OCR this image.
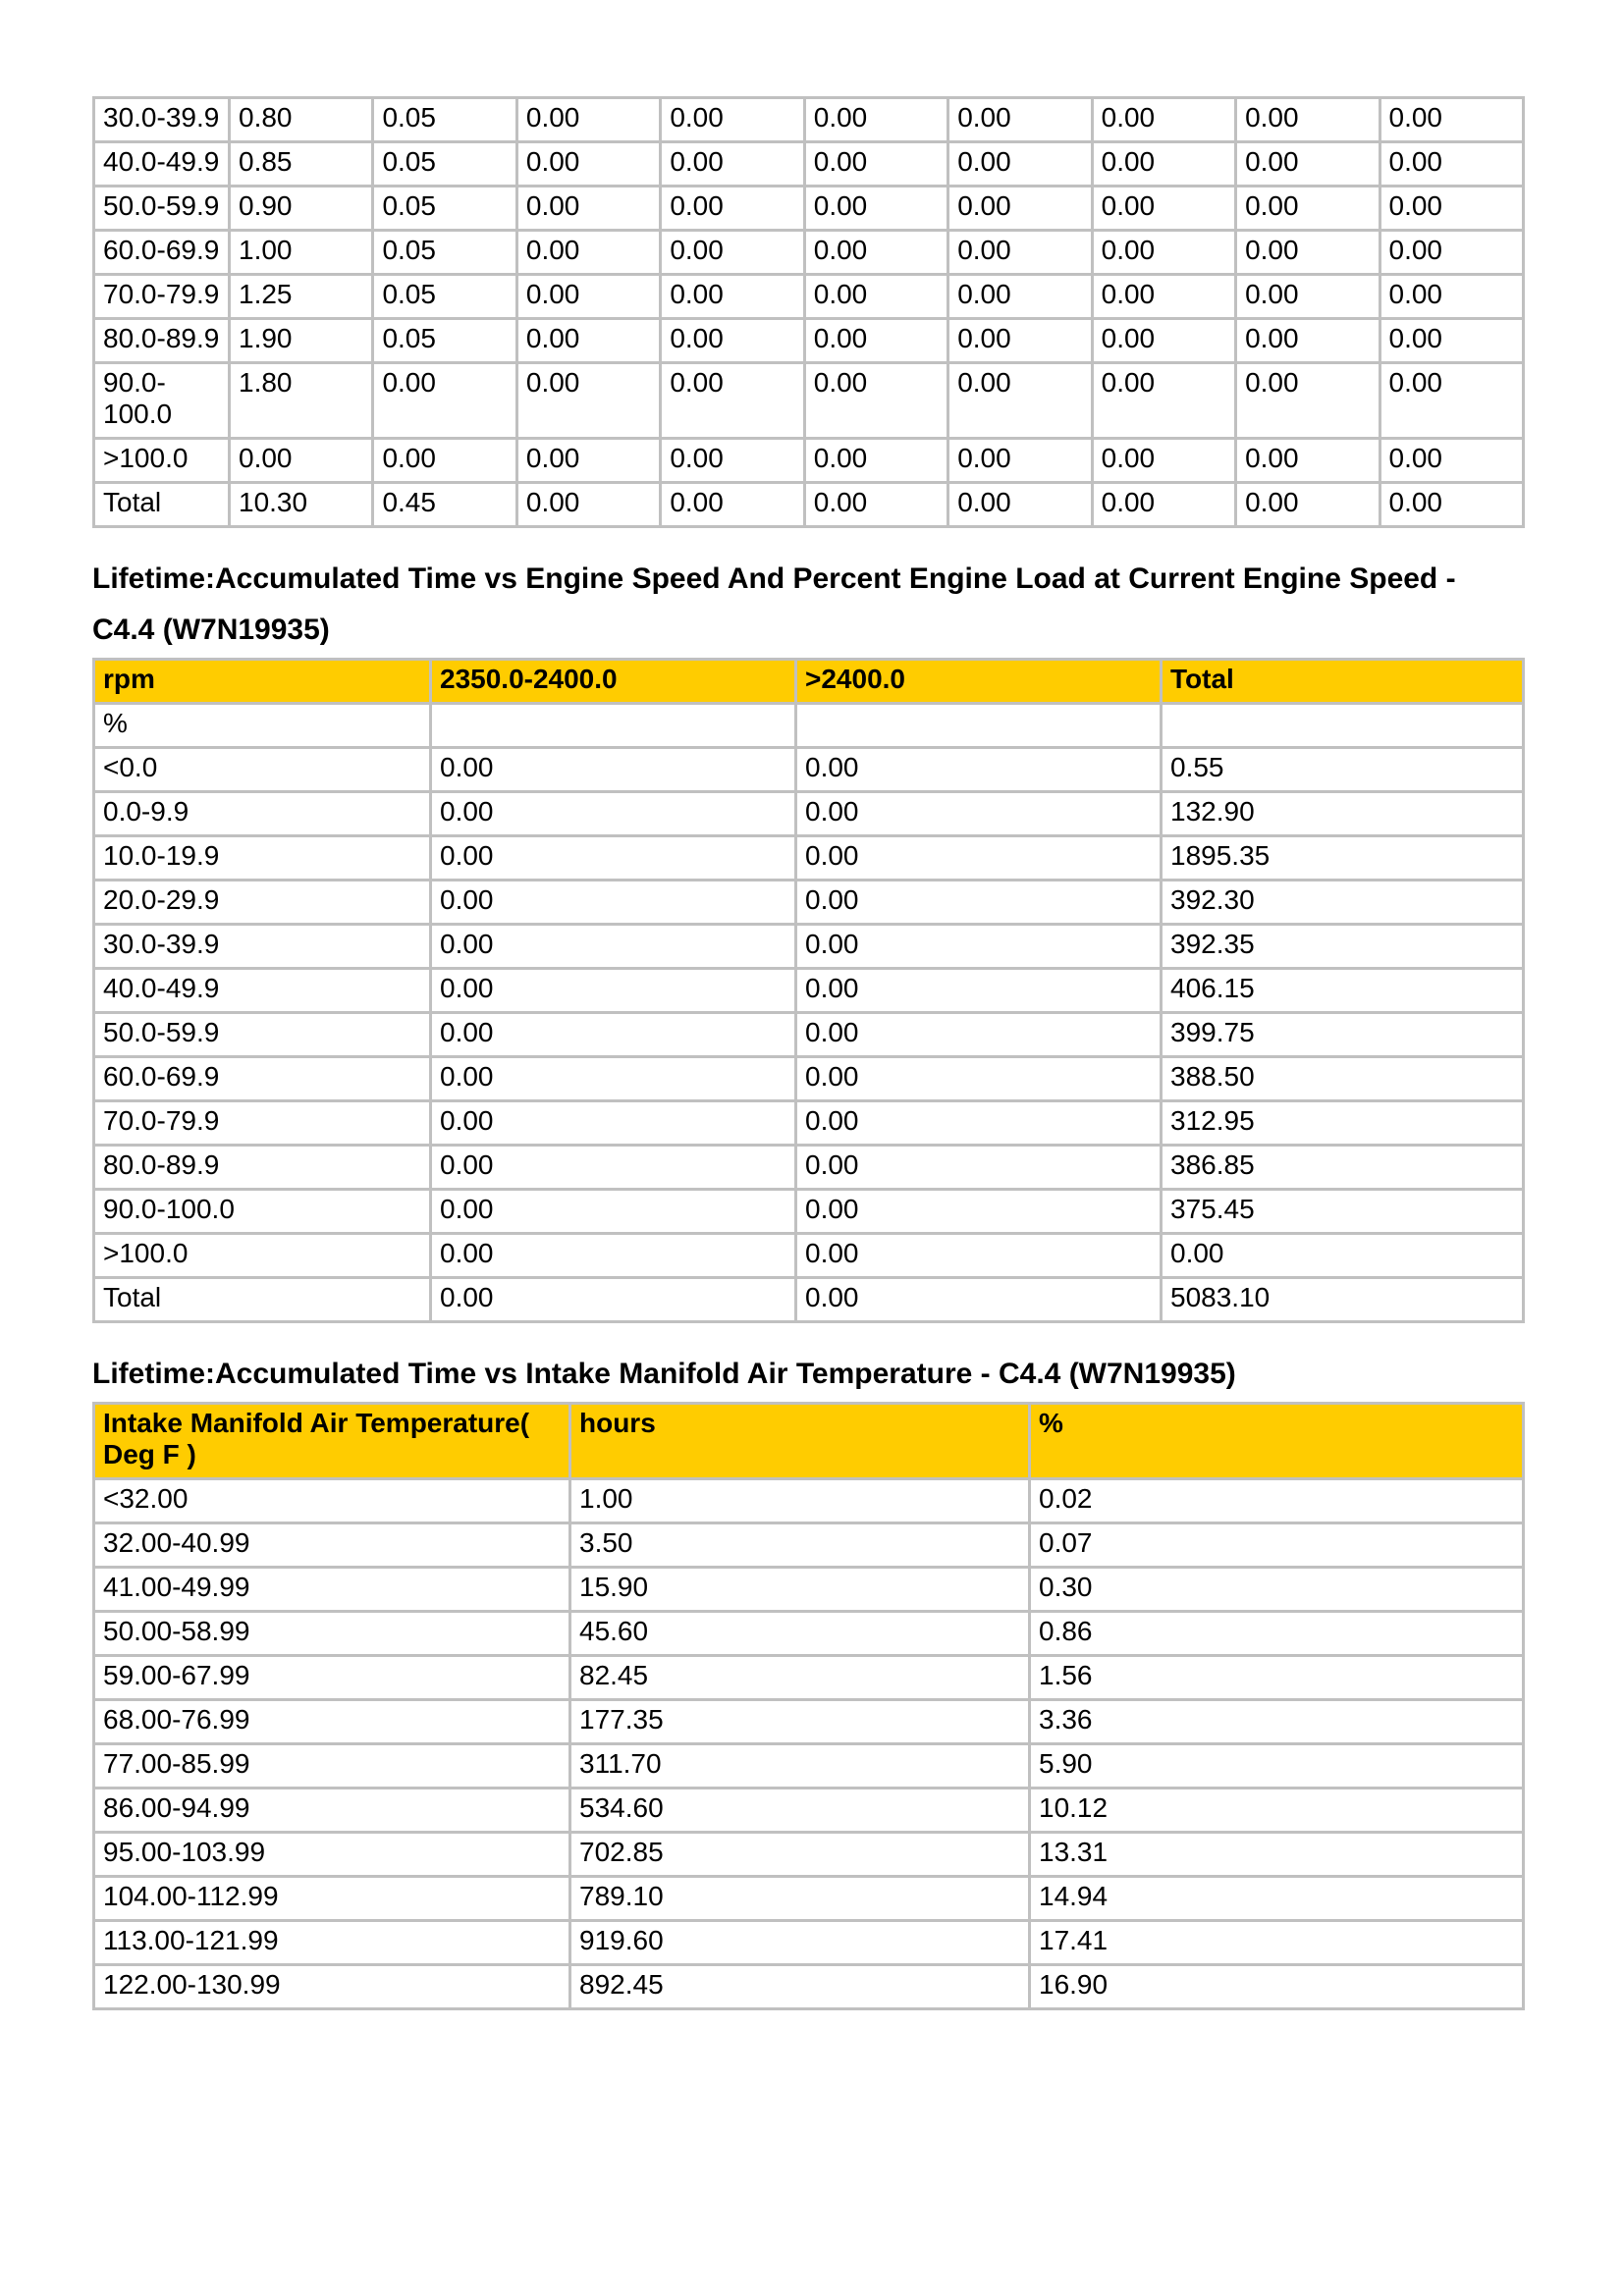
30.0-39.9	0.80	0.05	0.00	0.00	0.00	0.00	0.00	0.00	0.00
40.0-49.9	0.85	0.05	0.00	0.00	0.00	0.00	0.00	0.00	0.00
50.0-59.9	0.90	0.05	0.00	0.00	0.00	0.00	0.00	0.00	0.00
60.0-69.9	1.00	0.05	0.00	0.00	0.00	0.00	0.00	0.00	0.00
70.0-79.9	1.25	0.05	0.00	0.00	0.00	0.00	0.00	0.00	0.00
80.0-89.9	1.90	0.05	0.00	0.00	0.00	0.00	0.00	0.00	0.00
90.0-100.0	1.80	0.00	0.00	0.00	0.00	0.00	0.00	0.00	0.00
>100.0	0.00	0.00	0.00	0.00	0.00	0.00	0.00	0.00	0.00
Total	10.30	0.45	0.00	0.00	0.00	0.00	0.00	0.00	0.00
Lifetime:Accumulated Time vs Engine Speed And Percent Engine Load at Current Engine Speed -
C4.4 (W7N19935)
rpm	2350.0-2400.0	>2400.0	Total
%			
<0.0	0.00	0.00	0.55
0.0-9.9	0.00	0.00	132.90
10.0-19.9	0.00	0.00	1895.35
20.0-29.9	0.00	0.00	392.30
30.0-39.9	0.00	0.00	392.35
40.0-49.9	0.00	0.00	406.15
50.0-59.9	0.00	0.00	399.75
60.0-69.9	0.00	0.00	388.50
70.0-79.9	0.00	0.00	312.95
80.0-89.9	0.00	0.00	386.85
90.0-100.0	0.00	0.00	375.45
>100.0	0.00	0.00	0.00
Total	0.00	0.00	5083.10
Lifetime:Accumulated Time vs Intake Manifold Air Temperature - C4.4 (W7N19935)
Intake Manifold Air Temperature( Deg F )	hours	%
<32.00	1.00	0.02
32.00-40.99	3.50	0.07
41.00-49.99	15.90	0.30
50.00-58.99	45.60	0.86
59.00-67.99	82.45	1.56
68.00-76.99	177.35	3.36
77.00-85.99	311.70	5.90
86.00-94.99	534.60	10.12
95.00-103.99	702.85	13.31
104.00-112.99	789.10	14.94
113.00-121.99	919.60	17.41
122.00-130.99	892.45	16.90
